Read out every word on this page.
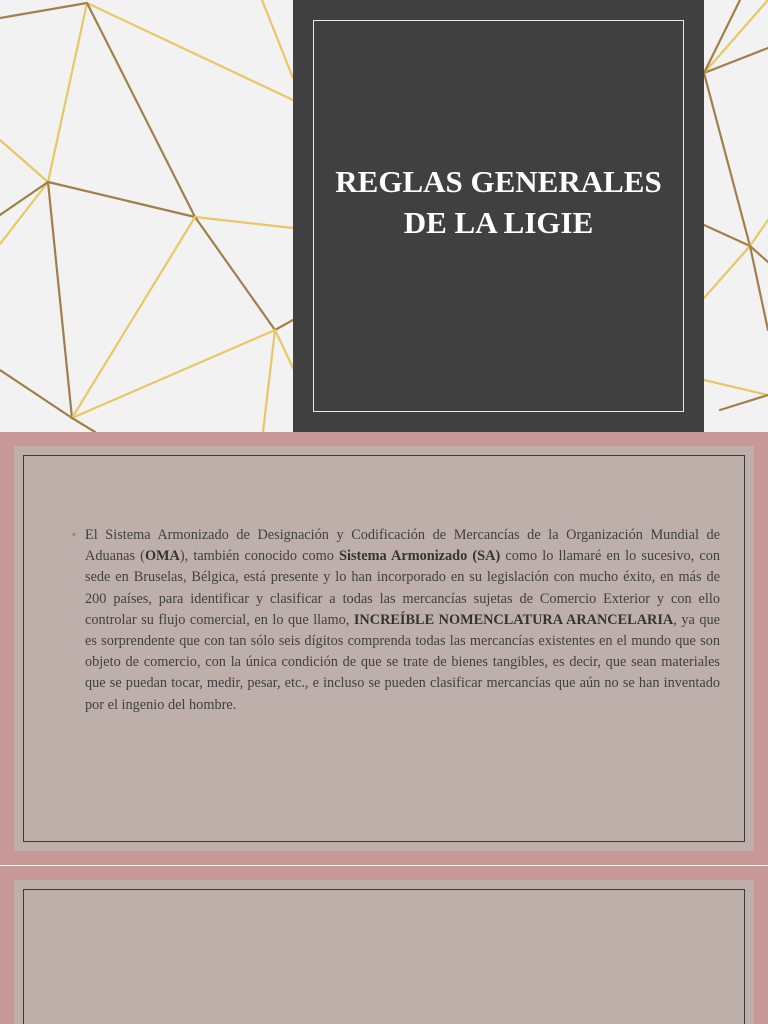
REGLAS GENERALES DE LA LIGIE
◦ El Sistema Armonizado de Designación y Codificación de Mercancías de la Organización Mundial de Aduanas (OMA), también conocido como Sistema Armonizado (SA) como lo llamaré en lo sucesivo, con sede en Bruselas, Bélgica, está presente y lo han incorporado en su legislación con mucho éxito, en más de 200 países, para identificar y clasificar a todas las mercancías sujetas de Comercio Exterior y con ello controlar su flujo comercial, en lo que llamo, INCREÍBLE NOMENCLATURA ARANCELARIA, ya que es sorprendente que con tan sólo seis dígitos comprenda todas las mercancías existentes en el mundo que son objeto de comercio, con la única condición de que se trate de bienes tangibles, es decir, que sean materiales que se puedan tocar, medir, pesar, etc., e incluso se pueden clasificar mercancías que aún no se han inventado por el ingenio del hombre.
